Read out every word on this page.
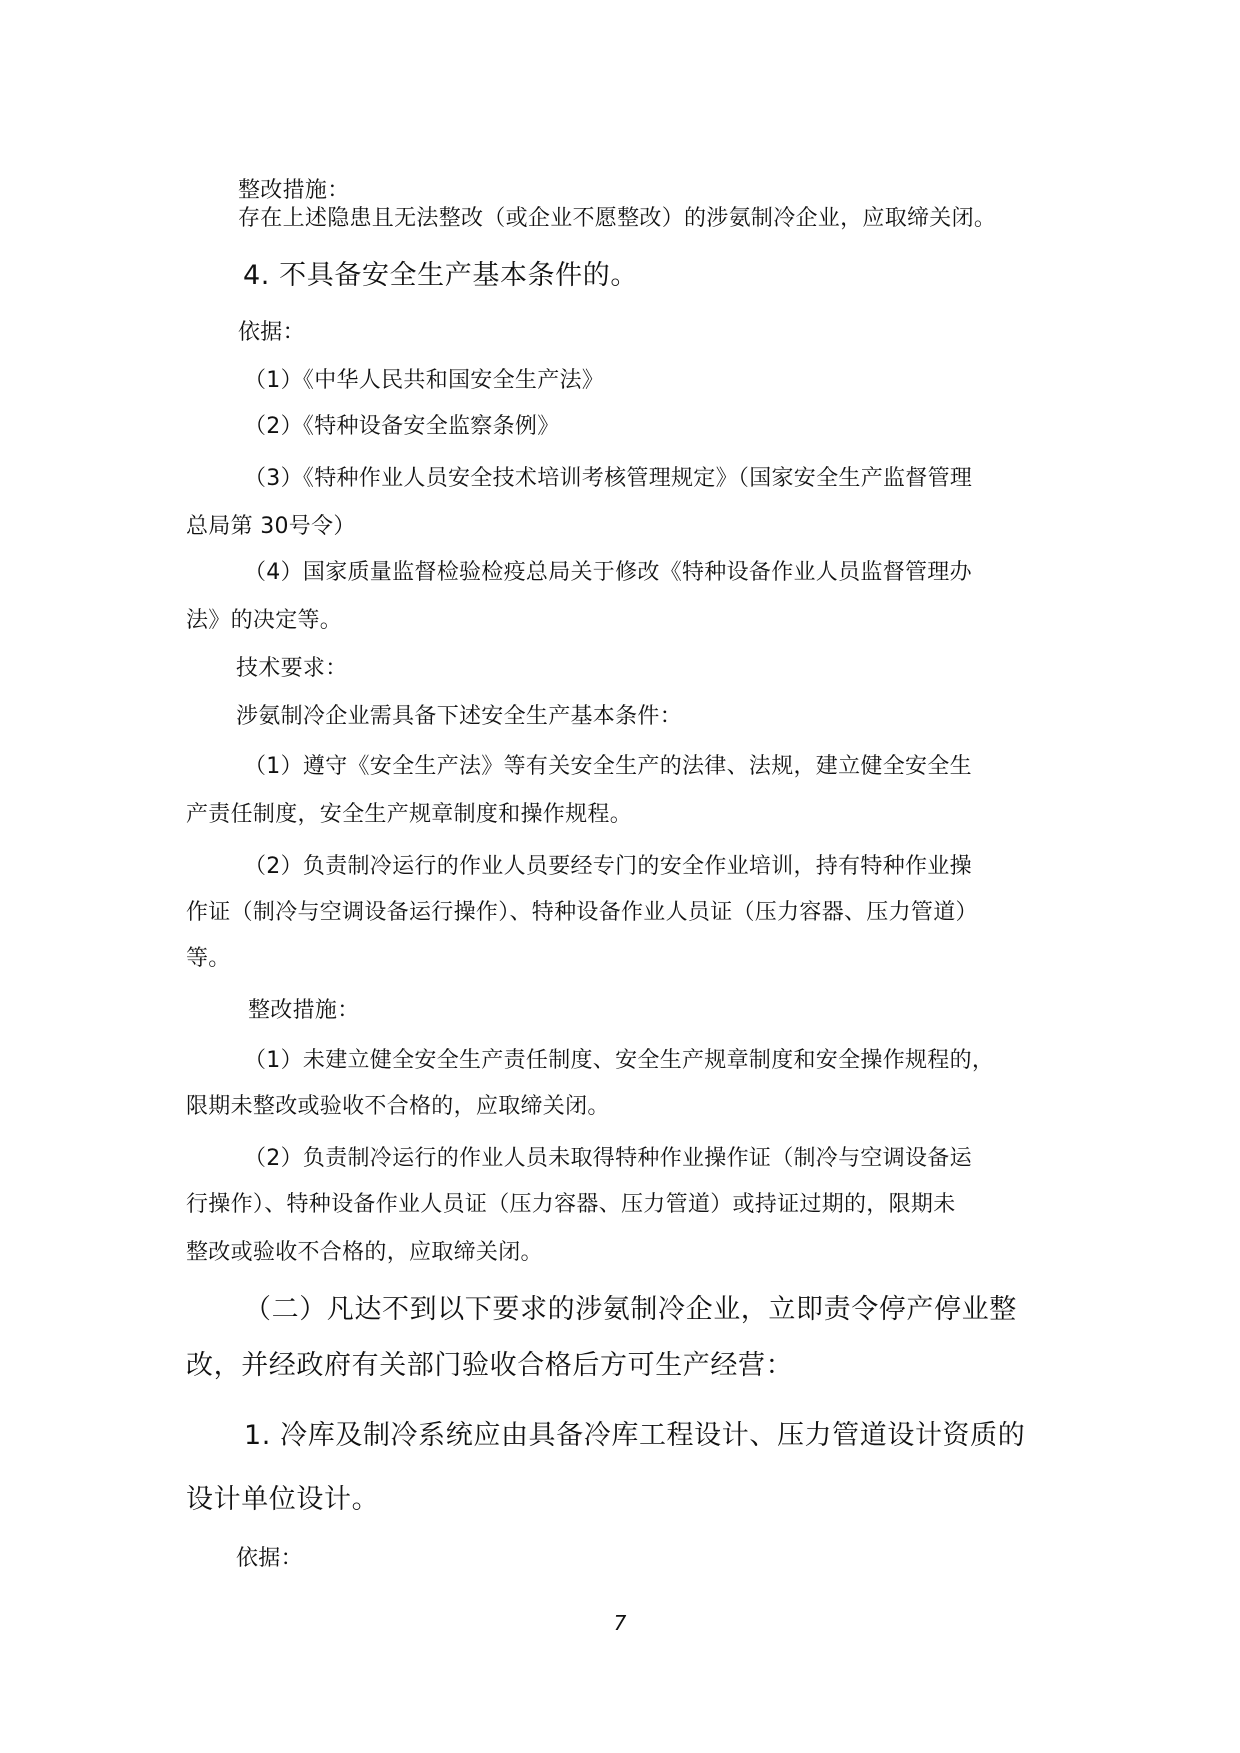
整改措施：
存在上述隐患且无法整改（或企业不愿整改）的涉氨制冷企业，应取缔关闭。
4. 不具备安全生产基本条件的。
依据：
（1）《中华人民共和国安全生产法》
（2）《特种设备安全监察条例》
（3）《特种作业人员安全技术培训考核管理规定》（国家安全生产监督管理
总局第 30号令）
（4）国家质量监督检验检疫总局关于修改《特种设备作业人员监督管理办
法》的决定等。
技术要求：
涉氨制冷企业需具备下述安全生产基本条件：
（1）遵守《安全生产法》等有关安全生产的法律、法规，建立健全安全生
产责任制度，安全生产规章制度和操作规程。
（2）负责制冷运行的作业人员要经专门的安全作业培训，持有特种作业操
作证（制冷与空调设备运行操作）、特种设备作业人员证（压力容器、压力管道）
等。
整改措施：
（1）未建立健全安全生产责任制度、安全生产规章制度和安全操作规程的，
限期未整改或验收不合格的，应取缔关闭。
（2）负责制冷运行的作业人员未取得特种作业操作证（制冷与空调设备运
行操作）、特种设备作业人员证（压力容器、压力管道）或持证过期的，限期未
整改或验收不合格的，应取缔关闭。
（二）凡达不到以下要求的涉氨制冷企业，立即责令停产停业整
改，并经政府有关部门验收合格后方可生产经营：
1. 冷库及制冷系统应由具备冷库工程设计、压力管道设计资质的
设计单位设计。
依据：
7
